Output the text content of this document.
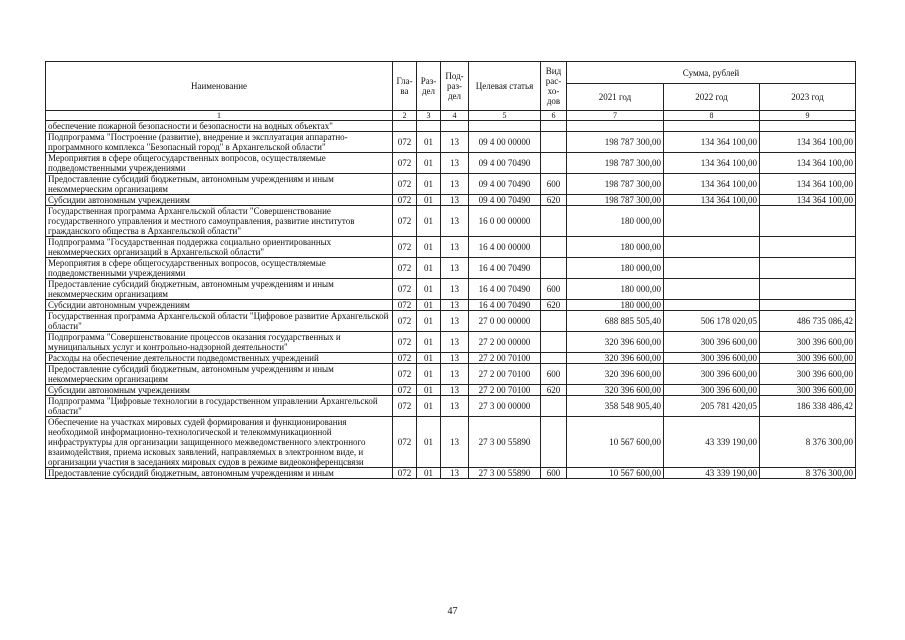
Наименование	Гла-ва	Раз-дел	Под-раз-дел	Целевая статья	Вид рас-хо-дов	Сумма, рублей		
						2021 год	2022 год	2023 год
1	2	3	4	5	6	7	8	9
обеспечение пожарной безопасности и безопасности на водных объектах"								
Подпрограмма "Построение (развитие), внедрение и эксплуатация аппаратно-программного комплекса "Безопасный город" в Архангельской области"	072	01	13	09 4 00 00000		198 787 300,00	134 364 100,00	134 364 100,00
Мероприятия в сфере общегосударственных вопросов, осуществляемые подведомственными учреждениями	072	01	13	09 4 00 70490		198 787 300,00	134 364 100,00	134 364 100,00
Предоставление субсидий бюджетным, автономным учреждениям и иным некоммерческим организациям	072	01	13	09 4 00 70490	600	198 787 300,00	134 364 100,00	134 364 100,00
Субсидии автономным учреждениям	072	01	13	09 4 00 70490	620	198 787 300,00	134 364 100,00	134 364 100,00
Государственная программа Архангельской области "Совершенствование государственного управления и местного самоуправления, развитие институтов гражданского общества в Архангельской области"	072	01	13	16 0 00 00000		180 000,00		
Подпрограмма "Государственная поддержка социально ориентированных некоммерческих организаций в Архангельской области"	072	01	13	16 4 00 00000		180 000,00		
Мероприятия в сфере общегосударственных вопросов, осуществляемые подведомственными учреждениями	072	01	13	16 4 00 70490		180 000,00		
Предоставление субсидий бюджетным, автономным учреждениям и иным некоммерческим организациям	072	01	13	16 4 00 70490	600	180 000,00		
Субсидии автономным учреждениям	072	01	13	16 4 00 70490	620	180 000,00		
Государственная программа Архангельской области "Цифровое развитие Архангельской области"	072	01	13	27 0 00 00000		688 885 505,40	506 178 020,05	486 735 086,42
Подпрограмма "Совершенствование процессов оказания государственных и муниципальных услуг и контрольно-надзорной деятельности"	072	01	13	27 2 00 00000		320 396 600,00	300 396 600,00	300 396 600,00
Расходы на обеспечение деятельности подведомственных учреждений	072	01	13	27 2 00 70100		320 396 600,00	300 396 600,00	300 396 600,00
Предоставление субсидий бюджетным, автономным учреждениям и иным некоммерческим организациям	072	01	13	27 2 00 70100	600	320 396 600,00	300 396 600,00	300 396 600,00
Субсидии автономным учреждениям	072	01	13	27 2 00 70100	620	320 396 600,00	300 396 600,00	300 396 600,00
Подпрограмма "Цифровые технологии в государственном управлении Архангельской области"	072	01	13	27 3 00 00000		358 548 905,40	205 781 420,05	186 338 486,42
Обеспечение на участках мировых судей формирования и функционирования необходимой информационно-технологической и телекоммуникационной инфраструктуры для организации защищенного межведомственного электронного взаимодействия, приема исковых заявлений, направляемых в электронном виде, и организации участия в заседаниях мировых судов в режиме видеоконференцсвязи	072	01	13	27 3 00 55890		10 567 600,00	43 339 190,00	8 376 300,00
Предоставление субсидий бюджетным, автономным учреждениям и иным	072	01	13	27 3 00 55890	600	10 567 600,00	43 339 190,00	8 376 300,00
47
